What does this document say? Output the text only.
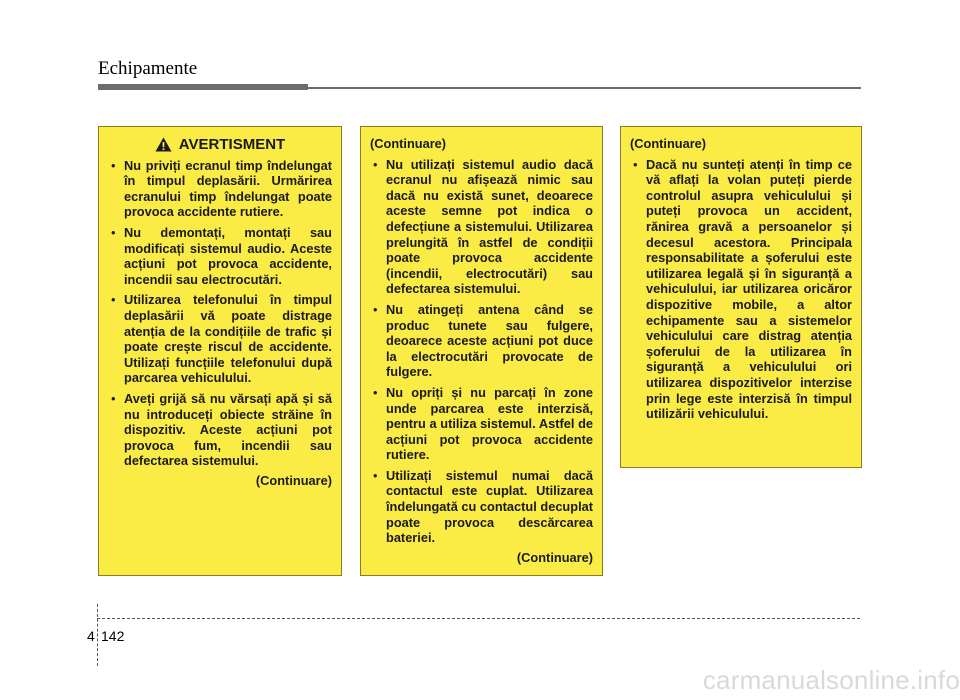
Echipamente
AVERTISMENT
• Nu priviți ecranul timp îndelungat în timpul deplasării. Urmărirea ecranului timp îndelungat poate provoca accidente rutiere.
• Nu demontați, montați sau modificați sistemul audio. Aceste acțiuni pot provoca accidente, incendii sau electrocutări.
• Utilizarea telefonului în timpul deplasării vă poate distrage atenția de la condițiile de trafic și poate crește riscul de accidente. Utilizați funcțiile telefonului după parcarea vehiculului.
• Aveți grijă să nu vărsați apă și să nu introduceți obiecte străine în dispozitiv. Aceste acțiuni pot provoca fum, incendii sau defectarea sistemului.
(Continuare)
(Continuare)
• Nu utilizați sistemul audio dacă ecranul nu afișează nimic sau dacă nu există sunet, deoarece aceste semne pot indica o defecțiune a sistemului. Utilizarea prelungită în astfel de condiții poate provoca accidente (incendii, electrocutări) sau defectarea sistemului.
• Nu atingeți antena când se produc tunete sau fulgere, deoarece aceste acțiuni pot duce la electrocutări provocate de fulgere.
• Nu opriți și nu parcați în zone unde parcarea este interzisă, pentru a utiliza sistemul. Astfel de acțiuni pot provoca accidente rutiere.
• Utilizați sistemul numai dacă contactul este cuplat. Utilizarea îndelungată cu contactul decuplat poate provoca descărcarea bateriei.
(Continuare)
(Continuare)
• Dacă nu sunteți atenți în timp ce vă aflați la volan puteți pierde controlul asupra vehiculului și puteți provoca un accident, rănirea gravă a persoanelor și decesul acestora. Principala responsabilitate a șoferului este utilizarea legală și în siguranță a vehiculului, iar utilizarea oricăror dispozitive mobile, a altor echipamente sau a sistemelor vehiculului care distrag atenția șoferului de la utilizarea în siguranță a vehiculului ori utilizarea dispozitivelor interzise prin lege este interzisă în timpul utilizării vehiculului.
4 142
carmanualsonline.info
